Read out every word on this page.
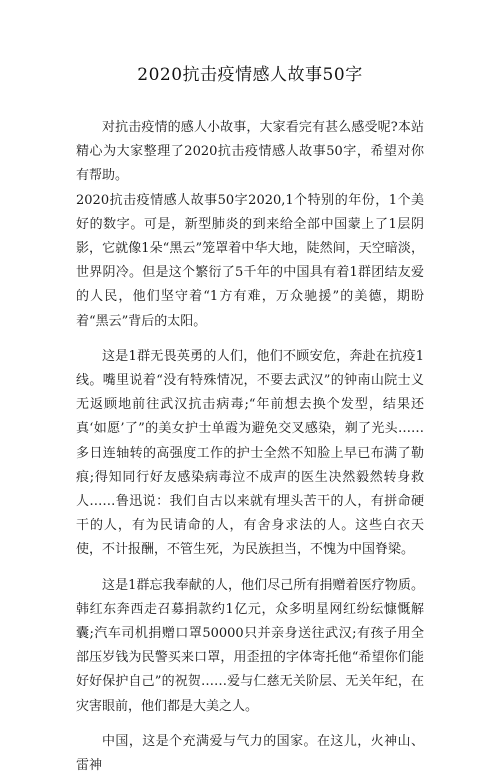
2020抗击疫情感人故事50字

对抗击疫情的感人小故事，大家看完有甚么感受呢?本站精心为大家整理了2020抗击疫情感人故事50字，希望对你有帮助。

2020抗击疫情感人故事50字2020,1个特别的年份，1个美好的数字。可是，新型肺炎的到来给全部中国蒙上了1层阴影，它就像1朵“黑云”笼罩着中华大地，陡然间，天空暗淡，世界阴冷。但是这个繁衍了5千年的中国具有着1群团结友爱的人民，他们坚守着“1方有难，万众驰援”的美德，期盼着“黑云”背后的太阳。

这是1群无畏英勇的人们，他们不顾安危，奔赴在抗疫1线。嘴里说着“没有特殊情况，不要去武汉”的钟南山院士义无返顾地前往武汉抗击病毒;“年前想去换个发型，结果还真‘如愿’了”的美女护士单霞为避免交叉感染，剃了光头……多日连轴转的高强度工作的护士全然不知脸上早已布满了勒痕;得知同行好友感染病毒泣不成声的医生决然毅然转身救人……鲁迅说：我们自古以来就有埋头苦干的人，有拼命硬干的人，有为民请命的人，有舍身求法的人。这些白衣天使，不计报酬，不管生死，为民族担当，不愧为中国脊梁。

这是1群忘我奉献的人，他们尽己所有捐赠着医疗物质。韩红东奔西走召募捐款约1亿元，众多明星网红纷纭慷慨解囊;汽车司机捐赠口罩50000只并亲身送往武汉;有孩子用全部压岁钱为民警买来口罩，用歪扭的字体寄托他“希望你们能好好保护自己”的祝贺……爱与仁慈无关阶层、无关年纪，在灾害眼前，他们都是大美之人。

中国，这是个充满爱与气力的国家。在这儿，火神山、雷神
